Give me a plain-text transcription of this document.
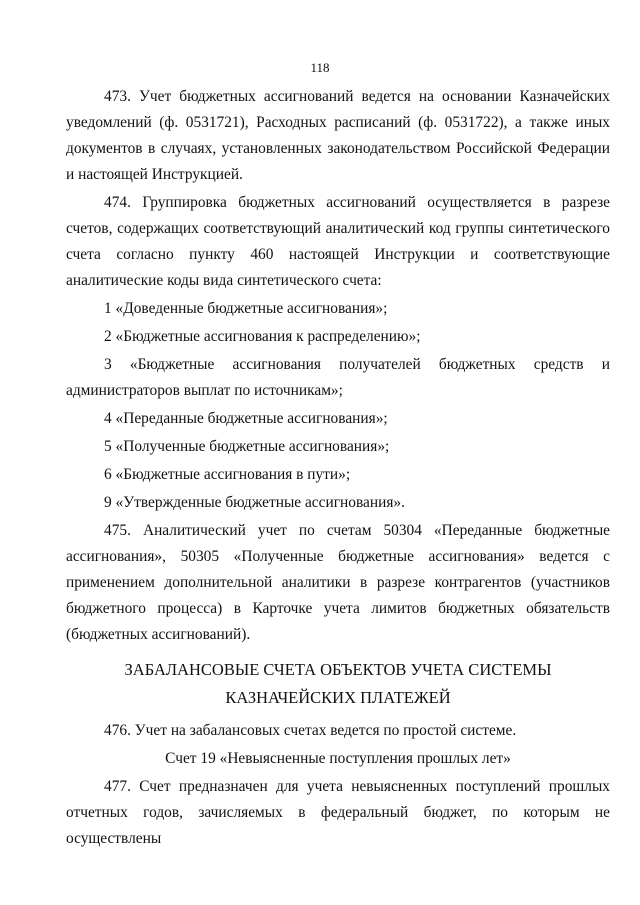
118

473. Учет бюджетных ассигнований ведется на основании Казначейских уведомлений (ф. 0531721), Расходных расписаний (ф. 0531722), а также иных документов в случаях, установленных законодательством Российской Федерации и настоящей Инструкцией.

474. Группировка бюджетных ассигнований осуществляется в разрезе счетов, содержащих соответствующий аналитический код группы синтетического счета согласно пункту 460 настоящей Инструкции и соответствующие аналитические коды вида синтетического счета:

1 «Доведенные бюджетные ассигнования»;

2 «Бюджетные ассигнования к распределению»;

3 «Бюджетные ассигнования получателей бюджетных средств и администраторов выплат по источникам»;

4 «Переданные бюджетные ассигнования»;

5 «Полученные бюджетные ассигнования»;

6 «Бюджетные ассигнования в пути»;

9 «Утвержденные бюджетные ассигнования».

475. Аналитический учет по счетам 50304 «Переданные бюджетные ассигнования», 50305 «Полученные бюджетные ассигнования» ведется с применением дополнительной аналитики в разрезе контрагентов (участников бюджетного процесса) в Карточке учета лимитов бюджетных обязательств (бюджетных ассигнований).

ЗАБАЛАНСОВЫЕ СЧЕТА ОБЪЕКТОВ УЧЕТА СИСТЕМЫ КАЗНАЧЕЙСКИХ ПЛАТЕЖЕЙ

476. Учет на забалансовых счетах ведется по простой системе.

Счет 19 «Невыясненные поступления прошлых лет»

477. Счет предназначен для учета невыясненных поступлений прошлых отчетных годов, зачисляемых в федеральный бюджет, по которым не осуществлены
